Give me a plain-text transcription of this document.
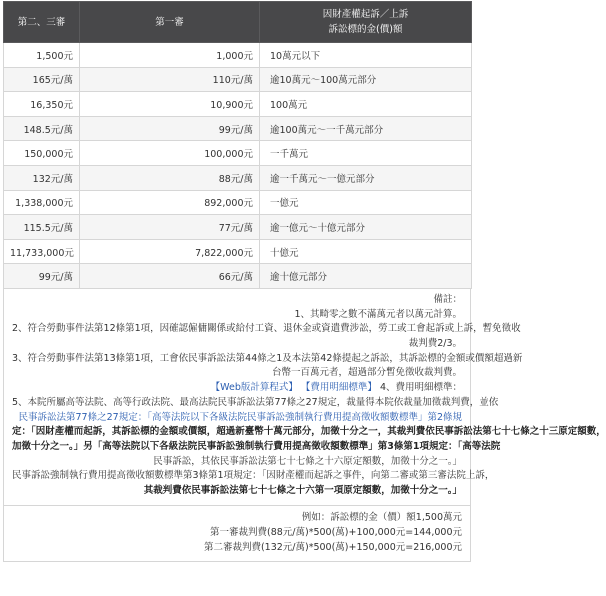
第二、三審	第一審	因財產權起訴／上訴
訴訟標的金(價)額

1,500元	1,000元	10萬元以下
165元/萬	110元/萬	逾10萬元～100萬元部分
16,350元	10,900元	100萬元
148.5元/萬	99元/萬	逾100萬元～一千萬元部分
150,000元	100,000元	一千萬元
132元/萬	88元/萬	逾一千萬元～一億元部分
1,338,000元	892,000元	一億元
115.5元/萬	77元/萬	逾一億元～十億元部分
11,733,000元	7,822,000元	十億元
99元/萬	66元/萬	逾十億元部分
備註：
1、其畸零之數不滿萬元者以萬元計算。
2、符合勞動事件法第12條第1項，因確認僱傭關係或給付工資、退休金或資遣費涉訟，勞工或工會起訴或上訴，暫免徵收
裁判費2/3。
3、符合勞動事件法第13條第1項，工會依民事訴訟法第44條之1及本法第42條提起之訴訟，其訴訟標的金額或價額超過新
台幣一百萬元者，超過部分暫免徵收裁判費。
【Web版計算程式】 【費用明細標準】 4、費用明細標準：
5、本院所屬高等法院、高等行政法院、最高法院民事訴訟法第77條之27規定，裁量得本院依裁量加徵裁判費，並依
民事訴訟法第77條之27規定：「高等法院以下各級法院民事訴訟強制執行費用提高徵收額數標準」第2條規
定：「因財產權而起訴，其訴訟標的金額或價額，超過新臺幣十萬元部分，加徵十分之一，其裁判費依民事訴訟法第七十七條之十三原定額數，
加徵十分之一。」另「高等法院以下各級法院民事訴訟強制執行費用提高徵收額數標準」第3條第1項規定：「高等法院
民事訴訟，其依民事訴訟法第七十七條之十六原定額數，加徵十分之一。」
民事訴訟強制執行費用提高徵收額數標準第3條第1項規定：「因財產權而起訴之事件，向第二審或第三審法院上訴，
其裁判費依民事訴訟法第七十七條之十六第一項原定額數，加徵十分之一。」
例如：訴訟標的金（價）額1,500萬元
第一審裁判費(88元/萬)*500(萬)+100,000元=144,000元
第二審裁判費(132元/萬)*500(萬)+150,000元=216,000元
